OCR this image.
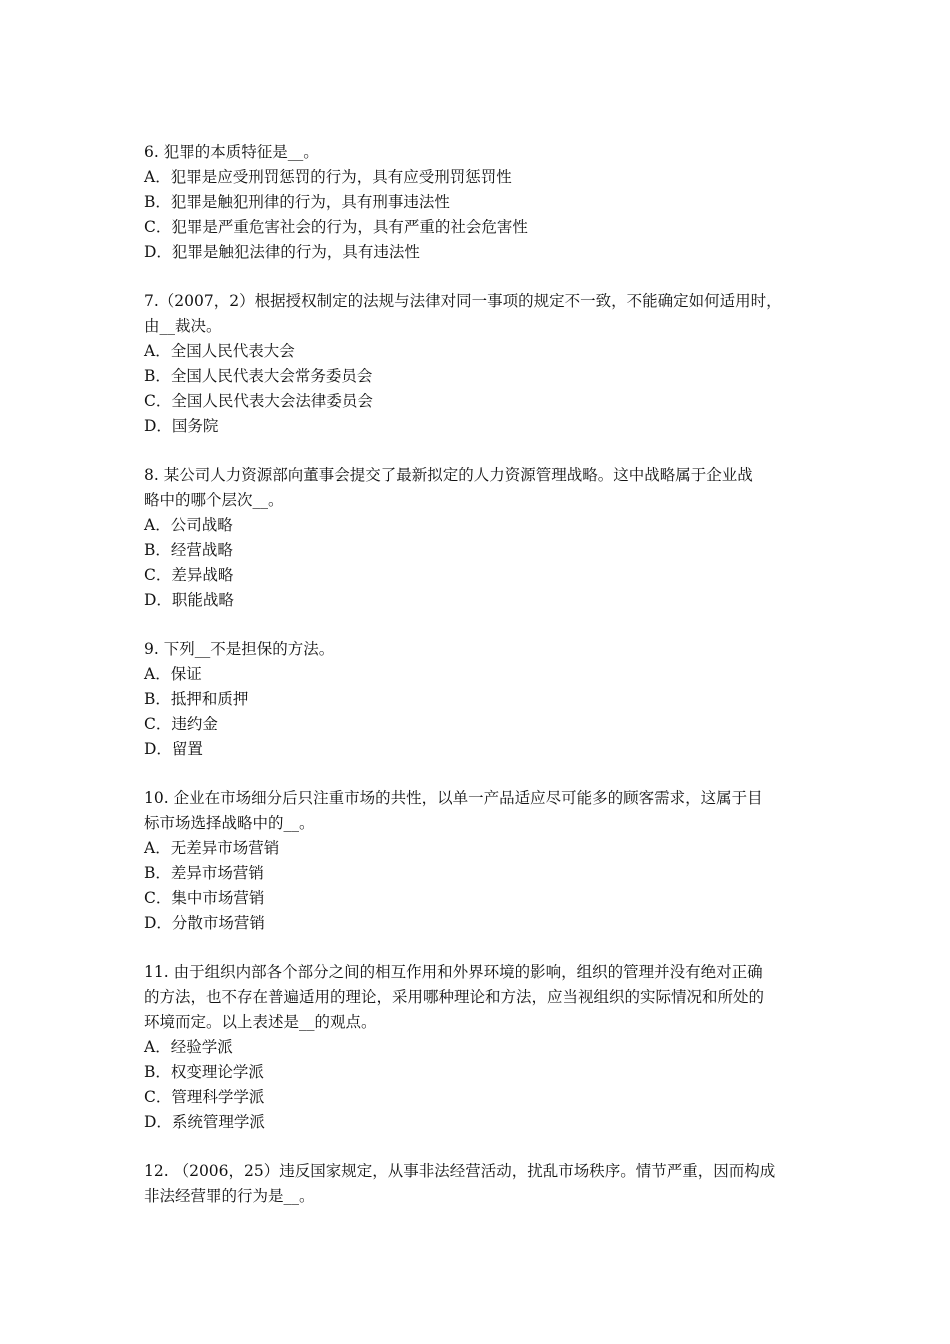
6. 犯罪的本质特征是__。
A．犯罪是应受刑罚惩罚的行为，具有应受刑罚惩罚性
B．犯罪是触犯刑律的行为，具有刑事违法性
C．犯罪是严重危害社会的行为，具有严重的社会危害性
D．犯罪是触犯法律的行为，具有违法性
7.（2007，2）根据授权制定的法规与法律对同一事项的规定不一致，不能确定如何适用时，
由__裁决。
A．全国人民代表大会
B．全国人民代表大会常务委员会
C．全国人民代表大会法律委员会
D．国务院
8. 某公司人力资源部向董事会提交了最新拟定的人力资源管理战略。这中战略属于企业战
略中的哪个层次__。
A．公司战略
B．经营战略
C．差异战略
D．职能战略
9. 下列__不是担保的方法。
A．保证
B．抵押和质押
C．违约金
D．留置
10. 企业在市场细分后只注重市场的共性，以单一产品适应尽可能多的顾客需求，这属于目
标市场选择战略中的__。
A．无差异市场营销
B．差异市场营销
C．集中市场营销
D．分散市场营销
11. 由于组织内部各个部分之间的相互作用和外界环境的影响，组织的管理并没有绝对正确
的方法，也不存在普遍适用的理论，采用哪种理论和方法，应当视组织的实际情况和所处的
环境而定。以上表述是__的观点。
A．经验学派
B．权变理论学派
C．管理科学学派
D．系统管理学派
12. （2006，25）违反国家规定，从事非法经营活动，扰乱市场秩序。情节严重，因而构成
非法经营罪的行为是__。
